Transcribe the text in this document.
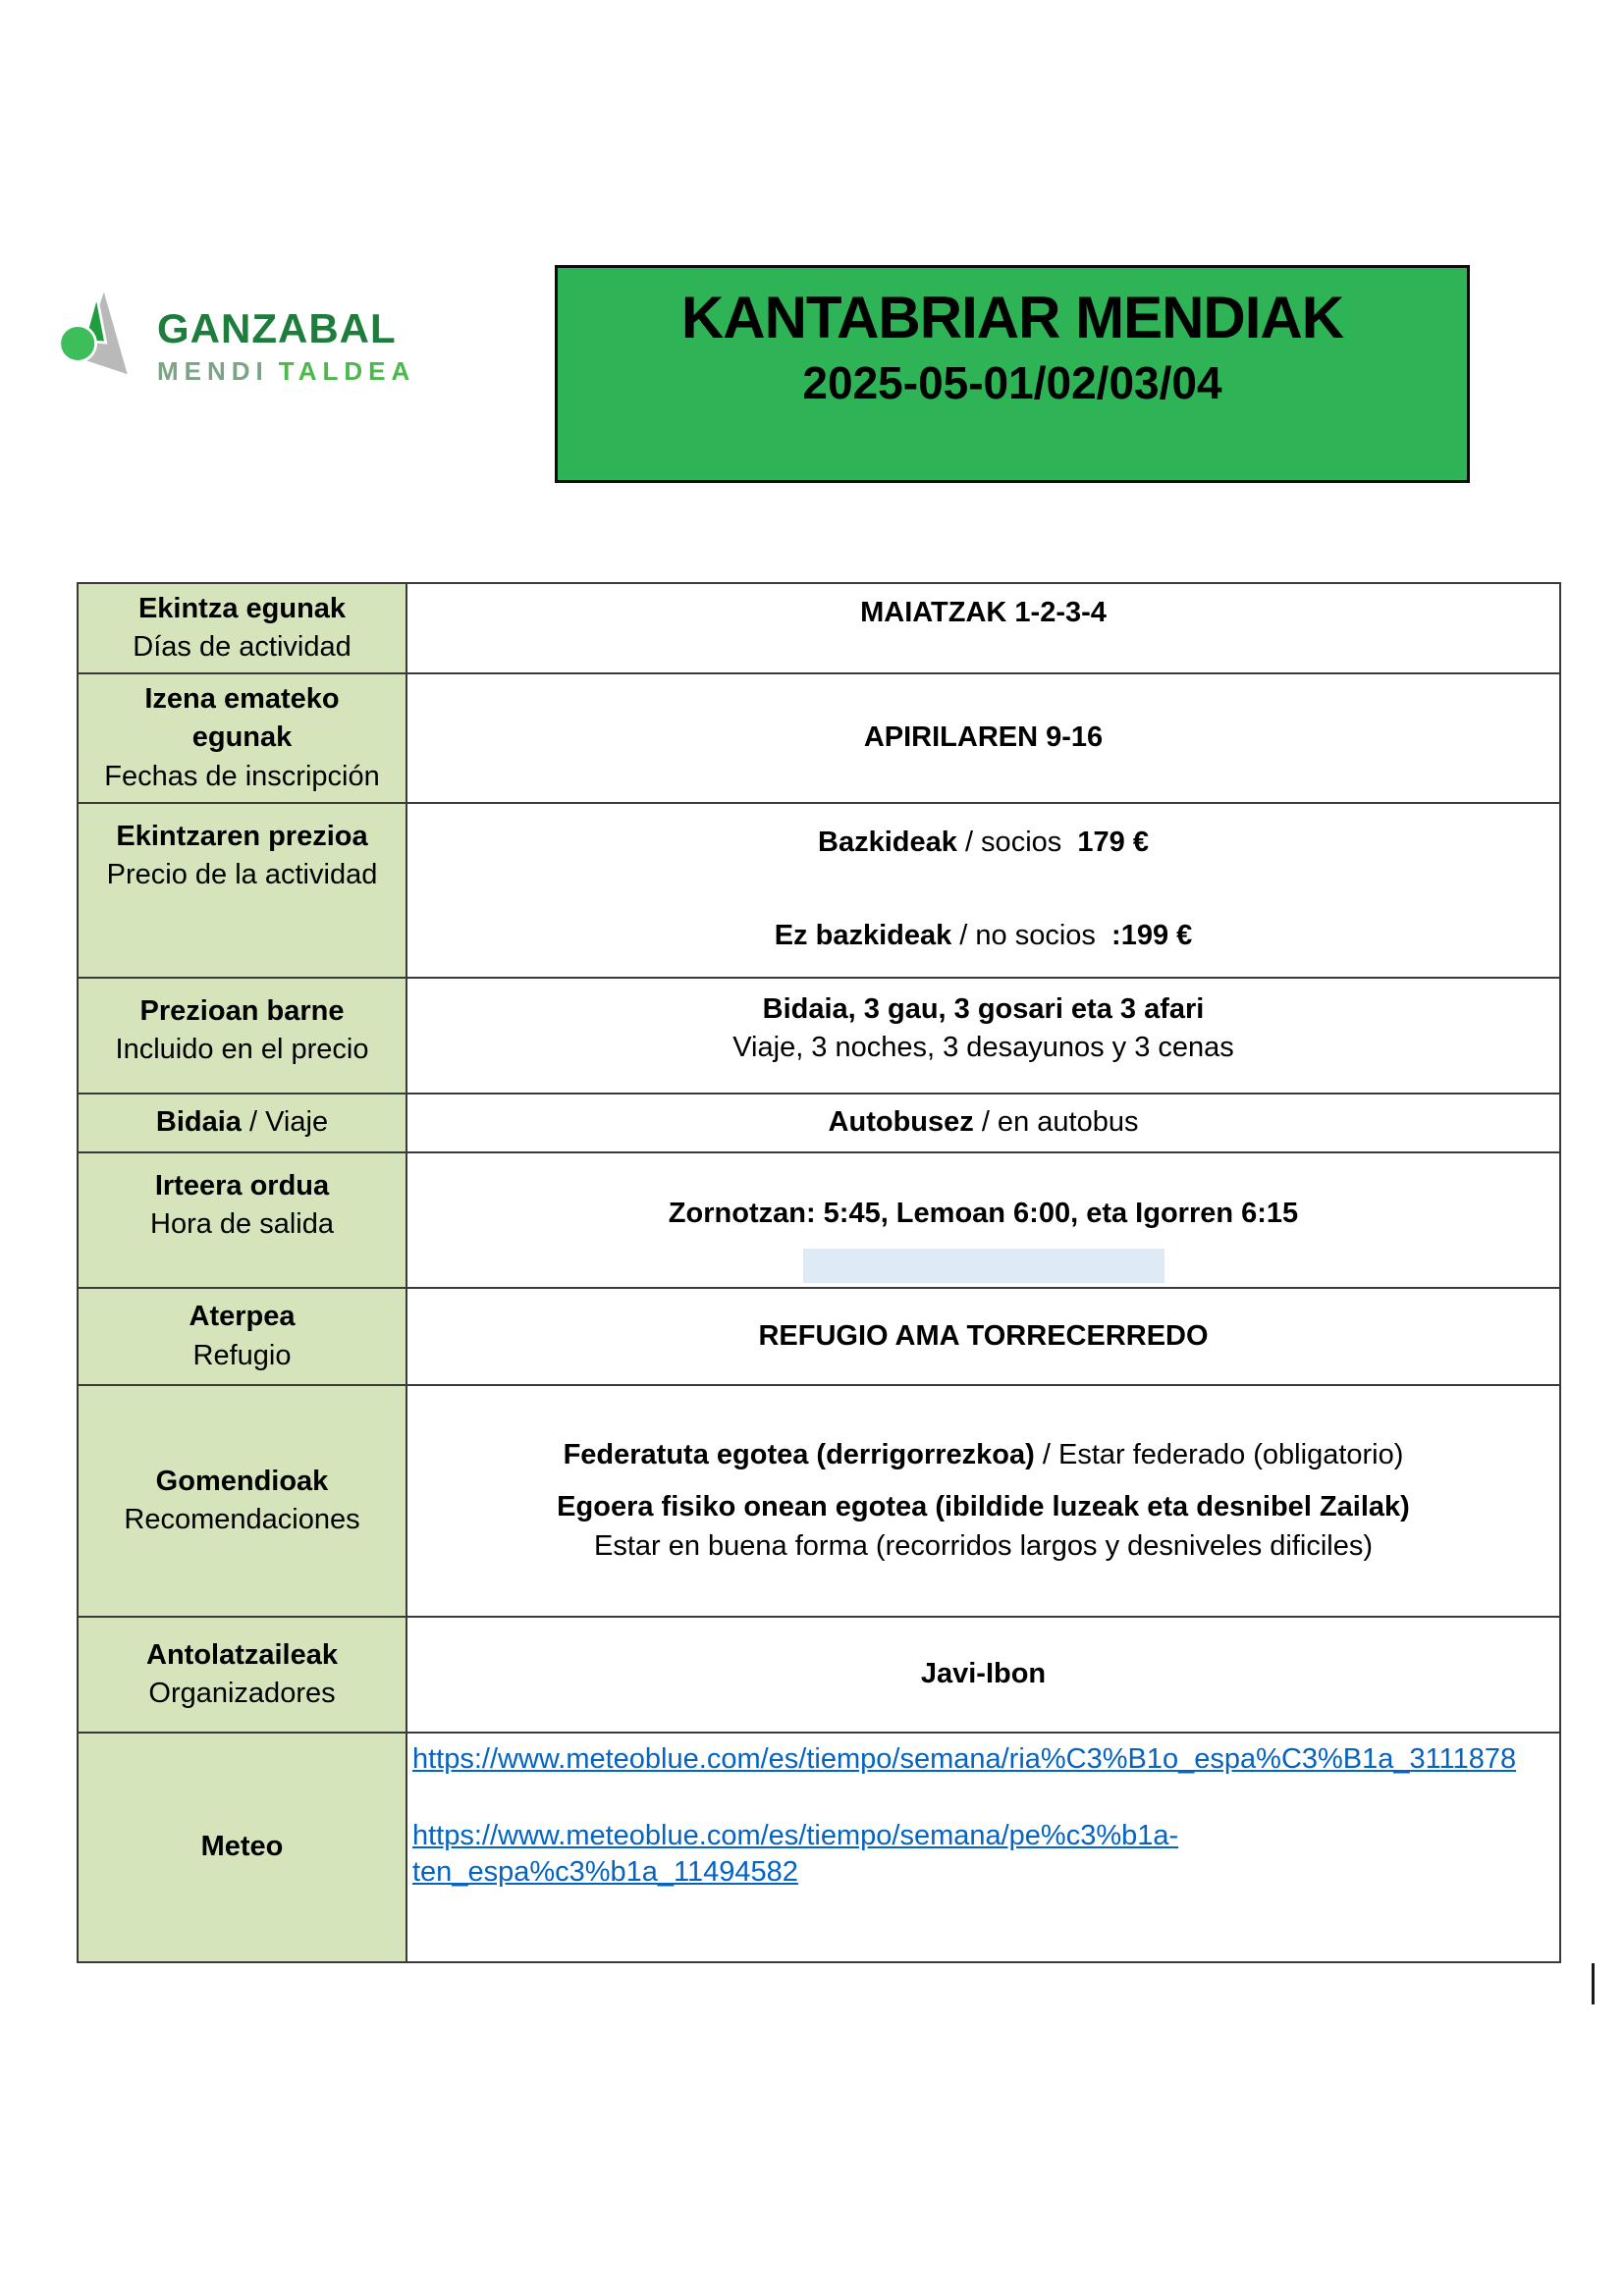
GANZABAL
MENDI TALDEA
KANTABRIAR MENDIAK
2025-05-01/02/03/04
Ekintza egunak
Días de actividad
MAIATZAK 1-2-3-4
Izena emateko egunak
Fechas de inscripción
APIRILAREN 9-16
Ekintzaren prezioa
Precio de la actividad
Bazkideak / socios  179 €
Ez bazkideak / no socios  :199 €
Prezioan barne
Incluido en el precio
Bidaia, 3 gau, 3 gosari eta 3 afari
Viaje, 3 noches, 3 desayunos y 3 cenas
Bidaia / Viaje	Autobusez / en autobus
Irteera ordua
Hora de salida	Zornotzan: 5:45, Lemoan 6:00, eta Igorren 6:15
Aterpea
Refugio
REFUGIO AMA TORRECERREDO
Gomendioak
Recomendaciones
Federatuta egotea (derrigorrezkoa) / Estar federado (obligatorio)
Egoera fisiko onean egotea (ibildide luzeak eta desnibel Zailak)
Estar en buena forma (recorridos largos y desniveles dificiles)
Antolatzaileak
Organizadores
Javi-Ibon
Meteo
https://www.meteoblue.com/es/tiempo/semana/ria%C3%B1o_espa%C3%B1a_3111878
https://www.meteoblue.com/es/tiempo/semana/pe%c3%b1a-ten_espa%c3%b1a_11494582
